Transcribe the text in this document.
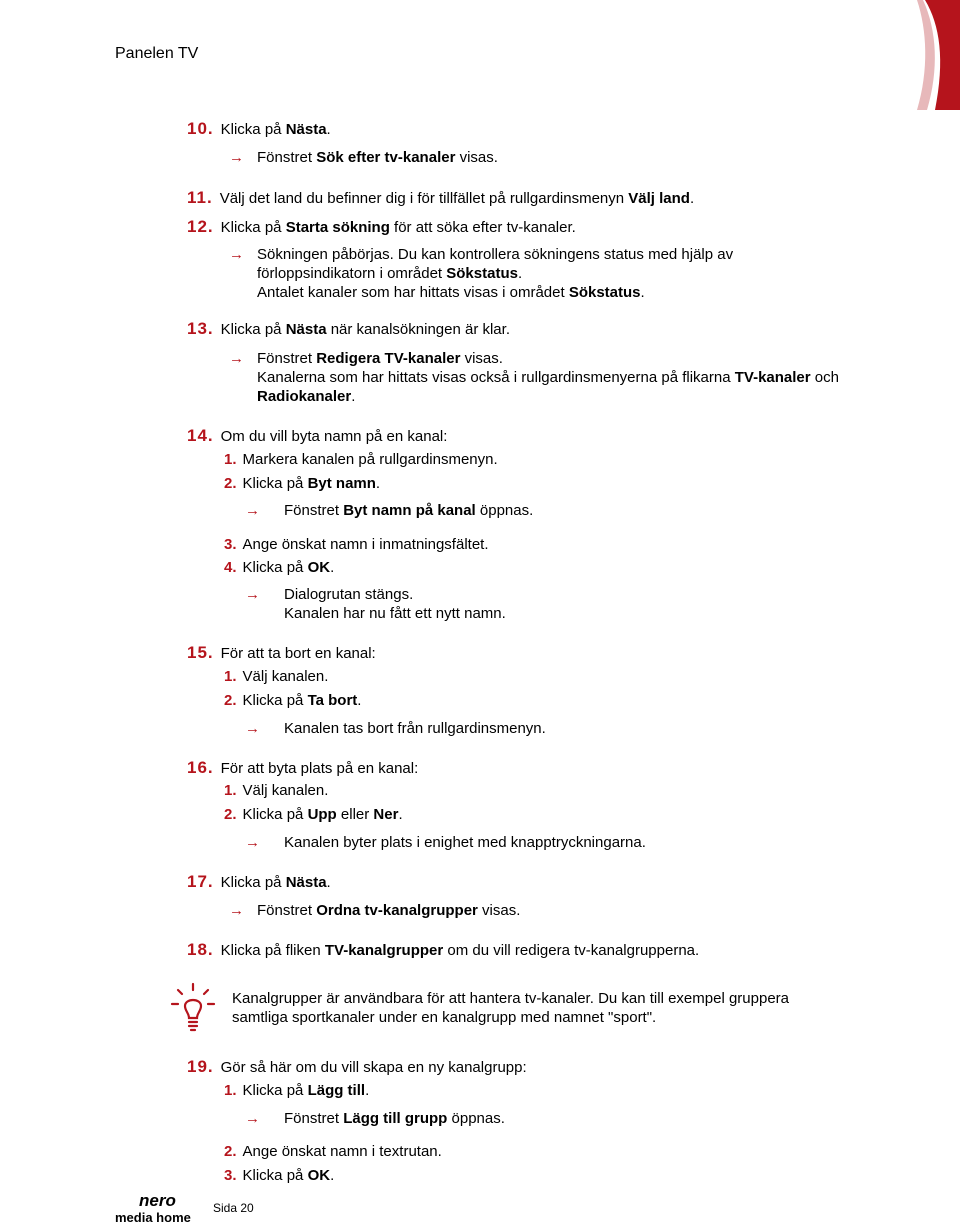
Panelen TV
10. Klicka på Nästa.
→ Fönstret Sök efter tv-kanaler visas.
11. Välj det land du befinner dig i för tillfället på rullgardinsmenyn Välj land.
12. Klicka på Starta sökning för att söka efter tv-kanaler.
→ Sökningen påbörjas. Du kan kontrollera sökningens status med hjälp av
förloppsindikatorn i området Sökstatus.
Antalet kanaler som har hittats visas i området Sökstatus.
13. Klicka på Nästa när kanalsökningen är klar.
→ Fönstret Redigera TV-kanaler visas.
Kanalerna som har hittats visas också i rullgardinsmenyerna på flikarna TV-kanaler och
Radiokanaler.
14. Om du vill byta namn på en kanal:
1. Markera kanalen på rullgardinsmenyn.
2. Klicka på Byt namn.
→ Fönstret Byt namn på kanal öppnas.
3. Ange önskat namn i inmatningsfältet.
4. Klicka på OK.
→ Dialogrutan stängs.
Kanalen har nu fått ett nytt namn.
15. För att ta bort en kanal:
1. Välj kanalen.
2. Klicka på Ta bort.
→ Kanalen tas bort från rullgardinsmenyn.
16. För att byta plats på en kanal:
1. Välj kanalen.
2. Klicka på Upp eller Ner.
→ Kanalen byter plats i enighet med knapptryckningarna.
17. Klicka på Nästa.
→ Fönstret Ordna tv-kanalgrupper visas.
18. Klicka på fliken TV-kanalgrupper om du vill redigera tv-kanalgrupperna.
Kanalgrupper är användbara för att hantera tv-kanaler. Du kan till exempel gruppera
samtliga sportkanaler under en kanalgrupp med namnet "sport".
19. Gör så här om du vill skapa en ny kanalgrupp:
1. Klicka på Lägg till.
→ Fönstret Lägg till grupp öppnas.
2. Ange önskat namn i textrutan.
3. Klicka på OK.
nero
media home
Sida 20
